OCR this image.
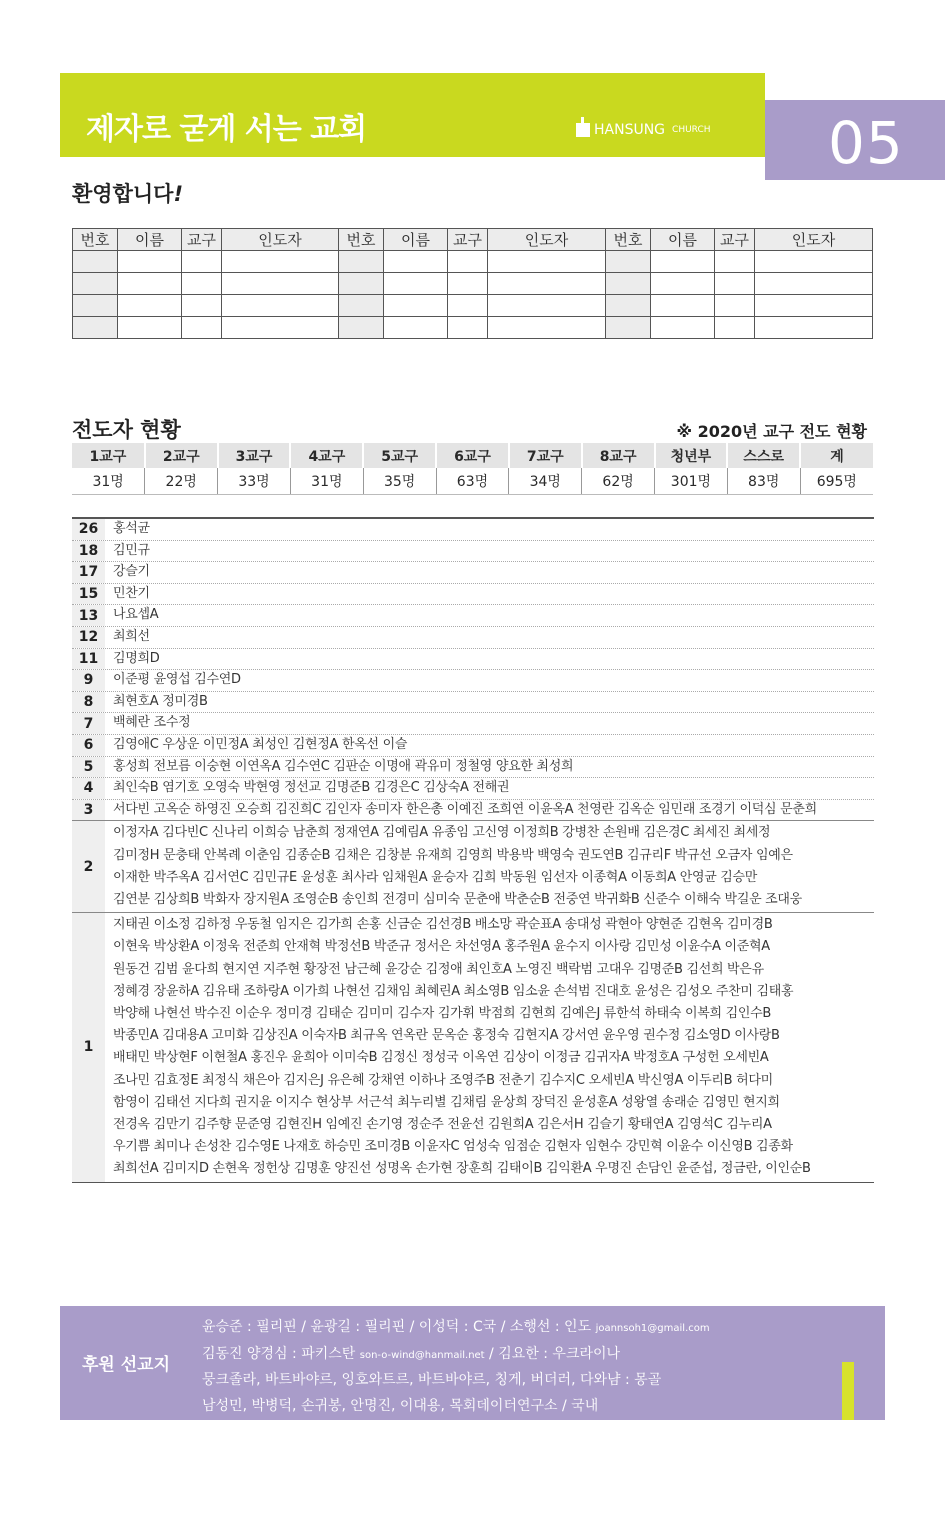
제자로 굳게 서는 교회	HANSUNG CHURCH 05
환영합니다!
번호	이름	교구	인도자	번호	이름	교구	인도자	번호	이름	교구	인도자

전도자 현황	※ 2020년 교구 전도 현황
1교구	2교구	3교구	4교구	5교구	6교구	7교구	8교구	청년부	스스로	계
31명	22명	33명	31명	35명	63명	34명	62명	301명	83명	695명
26	홍석균
18	김민규
17	강슬기
15	민찬기
13	나요셉A
12	최희선
11	김명희D
9	이준평 윤영섭 김수연D
8	최현호A 정미경B
7	백혜란 조수정
6	김영애C 우상운 이민정A 최성인 김현정A 한옥선 이슬
5	홍성희 전보름 이숭현 이연옥A 김수연C 김판순 이명애 곽유미 정철영 양요한 최성희
4	최인숙B 염기호 오영숙 박현영 정선교 김명준B 김경은C 김상숙A 전해권
3	서다빈 고옥순 하영진 오승희 김진희C 김인자 송미자 한은총 이예진 조희연 이윤옥A 천영란 김옥순 임민래 조경기 이덕심 문춘희
2
이정자A 김다빈C 신나리 이희승 남춘희 정재연A 김예림A 유종임 고신영 이정희B 강병찬 손원배 김은경C 최세진 최세정
김미정H 문충태 안복례 이춘임 김종순B 김채은 김창분 유재희 김영희 박용박 백영숙 권도연B 김규리F 박규선 오금자 임예은
이재한 박주옥A 김서연C 김민규E 윤성훈 최사라 임채원A 윤승자 김희 박동원 임선자 이종혁A 이동희A 안영균 김승만
김연분 김상희B 박화자 장지원A 조영순B 송인희 전경미 심미숙 문춘애 박춘순B 전중연 박귀화B 신준수 이해숙 박길운 조대웅
1
지태권 이소정 김하정 우동철 임지은 김가희 손홍 신금순 김선경B 배소망 곽순표A 송대성 곽현아 양현준 김현옥 김미경B
이현욱 박상환A 이정욱 전준희 안재혁 박정선B 박준규 정서은 차선영A 홍주원A 윤수지 이사랑 김민성 이윤수A 이준혁A
원동건 김범 윤다희 현지연 지주현 황장전 남근혜 윤강순 김정애 최인호A 노영진 백락범 고대우 김명준B 김선희 박은유
정혜경 장윤하A 김유태 조하랑A 이가희 나현선 김채임 최혜린A 최소영B 임소윤 손석범 진대호 윤성은 김성오 주찬미 김태홍
박양해 나현선 박수진 이순우 정미경 김태순 김미미 김수자 김가휘 박점희 김현희 김예은J 류한석 하태숙 이복희 김인수B
박종민A 김대용A 고미화 김상진A 이숙자B 최규옥 연옥란 문옥순 홍정숙 김현지A 강서연 윤우영 권수정 김소영D 이사랑B
배태민 박상현F 이현철A 홍진우 윤희아 이미숙B 김정신 정성국 이옥연 김상이 이정금 김귀자A 박정호A 구성헌 오세빈A
조나민 김효정E 최정식 채은아 김지은J 유은혜 강채연 이하나 조영주B 전춘기 김수지C 오세빈A 박신영A 이두리B 허다미
함영이 김태선 지다희 권지윤 이지수 현상부 서근석 최누리별 김채림 윤상희 장덕진 윤성훈A 성왕열 송래순 김영민 현지희
전경옥 김만기 김주향 문준영 김현진H 임예진 손기영 정순주 전윤선 김원희A 김은서H 김슬기 황태연A 김영석C 김누리A
우기쁨 최미나 손성찬 김수영E 나재호 하승민 조미경B 이윤자C 엄성숙 임점순 김현자 임현수 강민혁 이윤수 이신영B 김종화
최희선A 김미지D 손현옥 정헌상 김명훈 양진선 성명옥 손가현 장훈희 김태이B 김익환A 우명진 손담인 윤준섭, 정금란, 이인순B
후원 선교지
윤승준 : 필리핀 / 윤광길 : 필리핀 / 이성덕 : C국 / 소행선 : 인도 joannsoh1@gmail.com
김동진 양경심 : 파키스탄 son-o-wind@hanmail.net / 김요한 : 우크라이나
뭉크졸라, 바트바야르, 잉호와트르, 바트바야르, 칭게, 버더러, 다와냠 : 몽골
남성민, 박병덕, 손귀봉, 안명진, 이대용, 목회데이터연구소 / 국내
